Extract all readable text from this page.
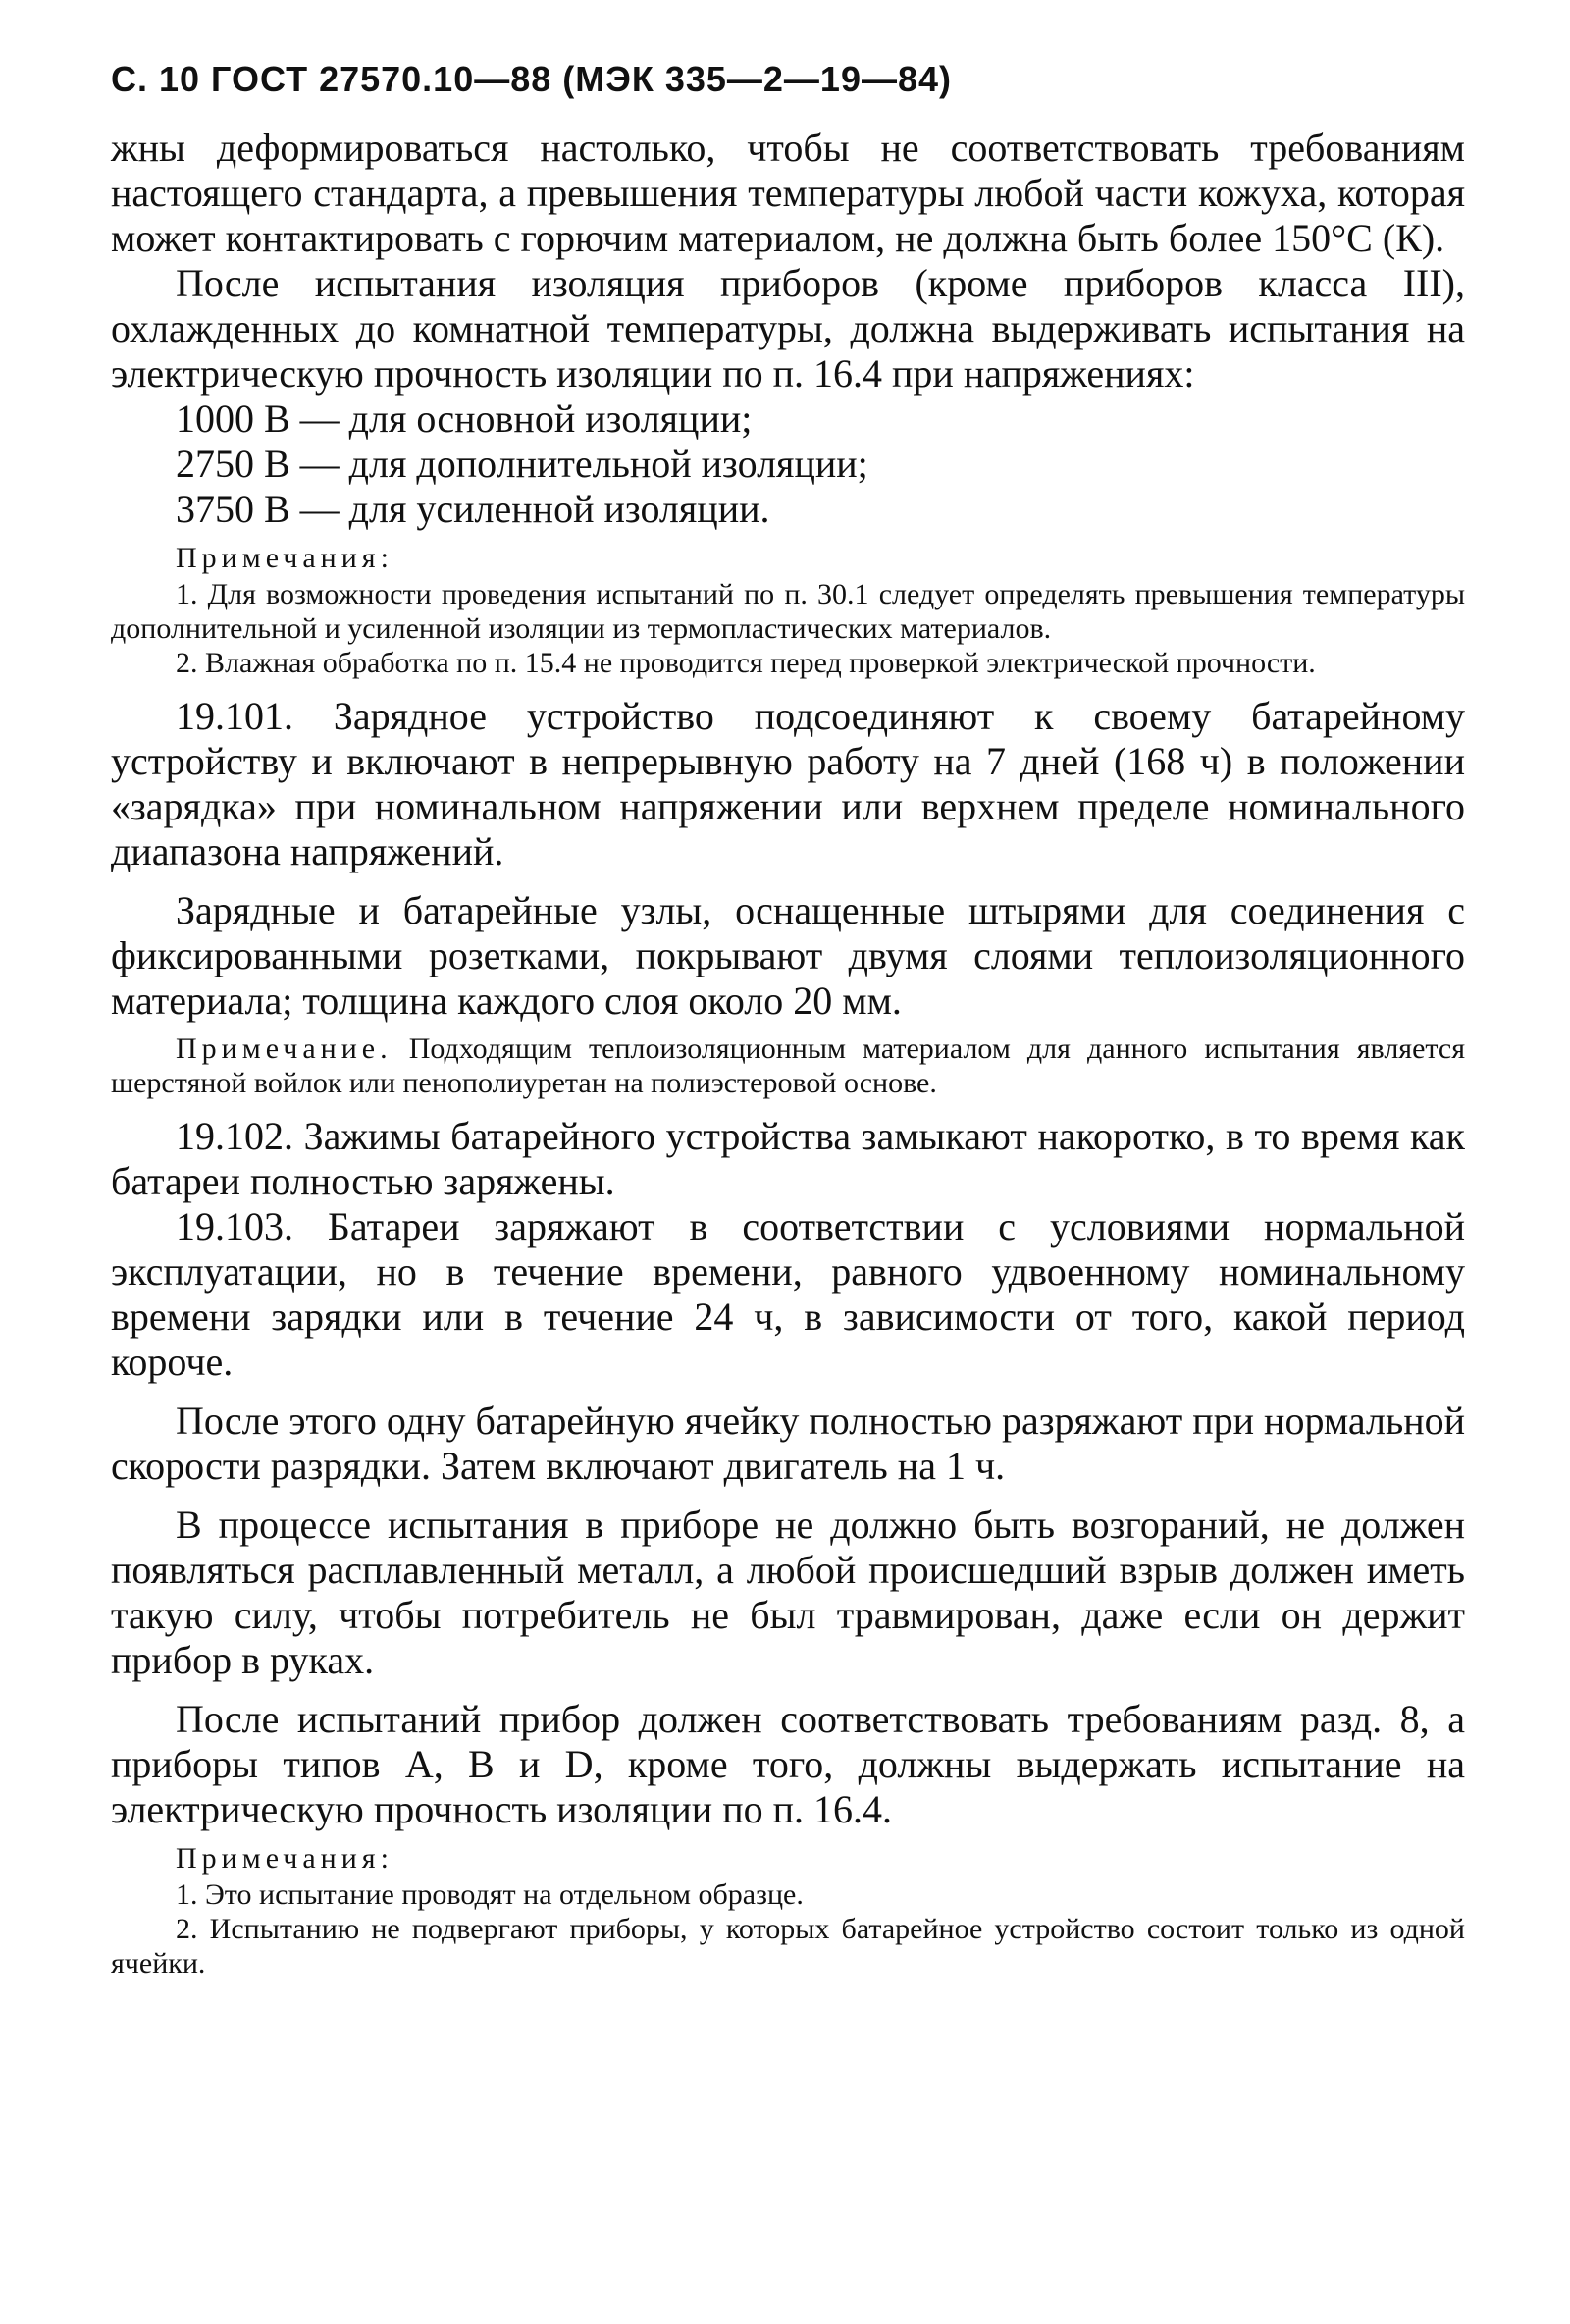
С. 10 ГОСТ 27570.10—88 (МЭК 335—2—19—84)

жны деформироваться настолько, чтобы не соответствовать требованиям настоящего стандарта, а превышения температуры любой части кожуха, которая может контактировать с горючим материалом, не должна быть более 150°С (К).

После испытания изоляция приборов (кроме приборов класса III), охлажденных до комнатной температуры, должна выдерживать испытания на электрическую прочность изоляции по п. 16.4 при напряжениях:

1000 В — для основной изоляции;

2750 В — для дополнительной изоляции;

3750 В — для усиленной изоляции.

Примечания:

1. Для возможности проведения испытаний по п. 30.1 следует определять превышения температуры дополнительной и усиленной изоляции из термопластических материалов.

2. Влажная обработка по п. 15.4 не проводится перед проверкой электрической прочности.

19.101. Зарядное устройство подсоединяют к своему батарейному устройству и включают в непрерывную работу на 7 дней (168 ч) в положении «зарядка» при номинальном напряжении или верхнем пределе номинального диапазона напряжений.

Зарядные и батарейные узлы, оснащенные штырями для соединения с фиксированными розетками, покрывают двумя слоями теплоизоляционного материала; толщина каждого слоя около 20 мм.

Примечание. Подходящим теплоизоляционным материалом для данного испытания является шерстяной войлок или пенополиуретан на полиэстеровой основе.

19.102. Зажимы батарейного устройства замыкают накоротко, в то время как батареи полностью заряжены.

19.103. Батареи заряжают в соответствии с условиями нормальной эксплуатации, но в течение времени, равного удвоенному номинальному времени зарядки или в течение 24 ч, в зависимости от того, какой период короче.

После этого одну батарейную ячейку полностью разряжают при нормальной скорости разрядки. Затем включают двигатель на 1 ч.

В процессе испытания в приборе не должно быть возгораний, не должен появляться расплавленный металл, а любой происшедший взрыв должен иметь такую силу, чтобы потребитель не был травмирован, даже если он держит прибор в руках.

После испытаний прибор должен соответствовать требованиям разд. 8, а приборы типов А, В и D, кроме того, должны выдержать испытание на электрическую прочность изоляции по п. 16.4.

Примечания:

1. Это испытание проводят на отдельном образце.

2. Испытанию не подвергают приборы, у которых батарейное устройство состоит только из одной ячейки.
